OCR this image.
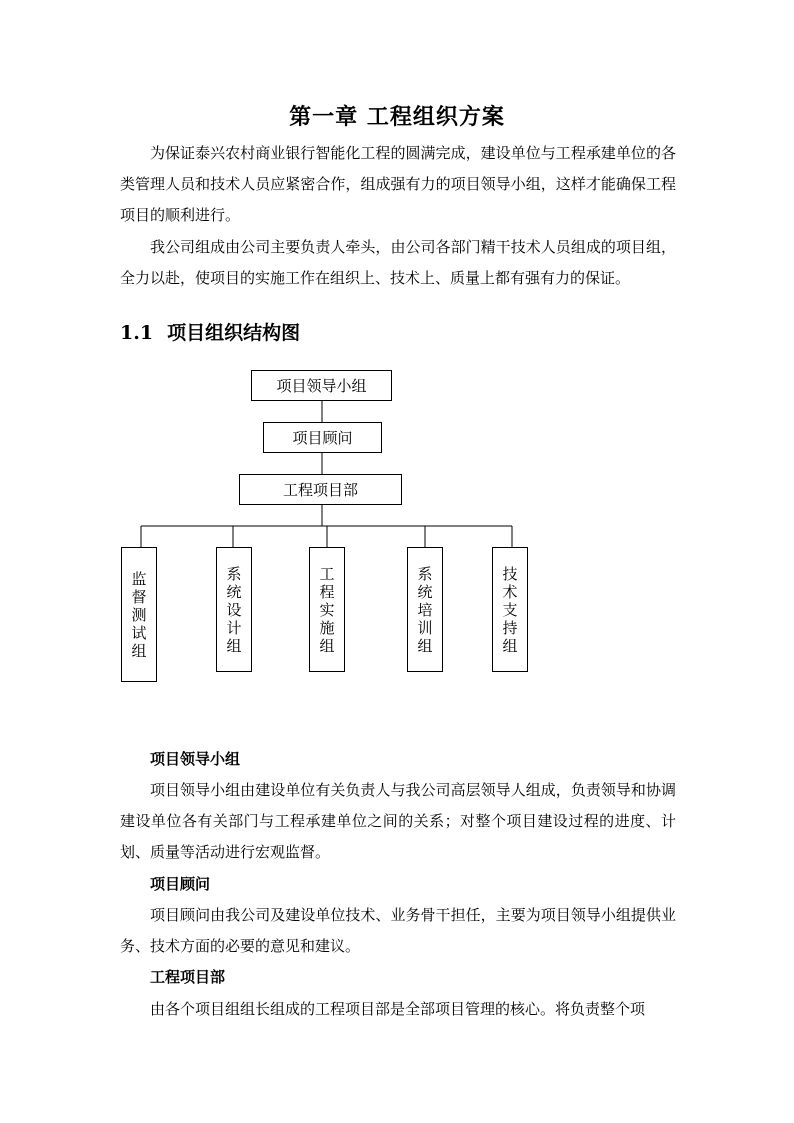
第一章 工程组织方案
为保证泰兴农村商业银行智能化工程的圆满完成，建设单位与工程承建单位的各类管理人员和技术人员应紧密合作，组成强有力的项目领导小组，这样才能确保工程项目的顺利进行。
我公司组成由公司主要负责人牵头，由公司各部门精干技术人员组成的项目组，全力以赴，使项目的实施工作在组织上、技术上、质量上都有强有力的保证。
1.1 项目组织结构图
项目领导小组
项目顾问
工程项目部
监督测试组	系统设计组	工程实施组	系统培训组	技术支持组
项目领导小组
项目领导小组由建设单位有关负责人与我公司高层领导人组成，负责领导和协调建设单位各有关部门与工程承建单位之间的关系；对整个项目建设过程的进度、计划、质量等活动进行宏观监督。
项目顾问
项目顾问由我公司及建设单位技术、业务骨干担任，主要为项目领导小组提供业务、技术方面的必要的意见和建议。
工程项目部
由各个项目组组长组成的工程项目部是全部项目管理的核心。将负责整个项
